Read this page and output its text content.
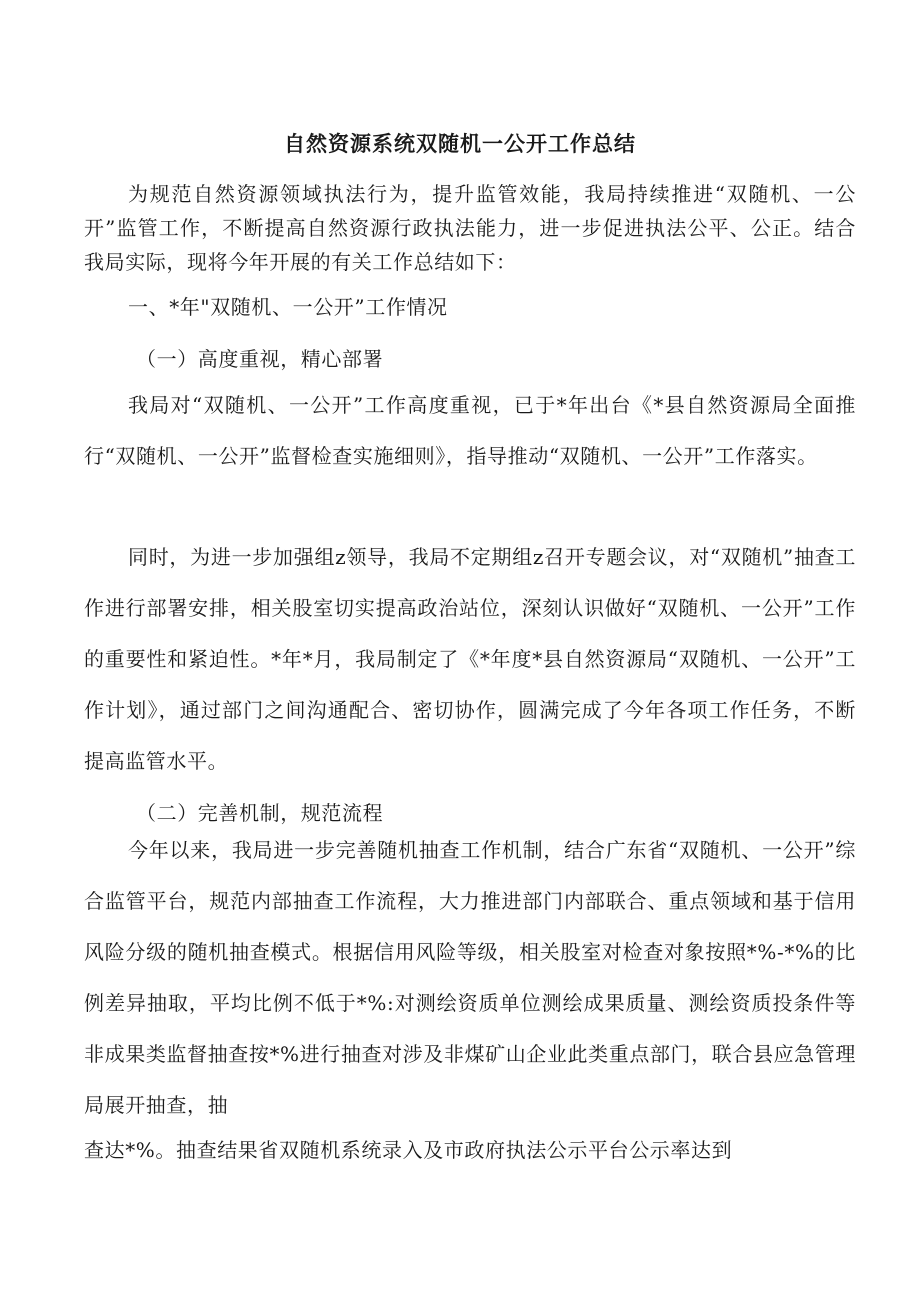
自然资源系统双随机一公开工作总结

为规范自然资源领域执法行为，提升监管效能，我局持续推进“双随机、一公开”监管工作，不断提高自然资源行政执法能力，进一步促进执法公平、公正。结合我局实际，现将今年开展的有关工作总结如下：

一、*年"双随机、一公开”工作情况

（一）高度重视，精心部署

我局对“双随机、一公开”工作高度重视，已于*年出台《*县自然资源局全面推行“双随机、一公开”监督检查实施细则》，指导推动“双随机、一公开”工作落实。

同时，为进一步加强组z领导，我局不定期组z召开专题会议，对“双随机”抽查工作进行部署安排，相关股室切实提高政治站位，深刻认识做好“双随机、一公开”工作的重要性和紧迫性。*年*月，我局制定了《*年度*县自然资源局“双随机、一公开”工作计划》，通过部门之间沟通配合、密切协作，圆满完成了今年各项工作任务，不断提高监管水平。

（二）完善机制，规范流程

今年以来，我局进一步完善随机抽查工作机制，结合广东省“双随机、一公开”综合监管平台，规范内部抽查工作流程，大力推进部门内部联合、重点领域和基于信用风险分级的随机抽查模式。根据信用风险等级，相关股室对检查对象按照*%-*%的比例差异抽取，平均比例不低于*%:对测绘资质单位测绘成果质量、测绘资质投条件等非成果类监督抽查按*%进行抽查对涉及非煤矿山企业此类重点部门，联合县应急管理局展开抽查，抽

查达*%。抽查结果省双随机系统录入及市政府执法公示平台公示率达到
